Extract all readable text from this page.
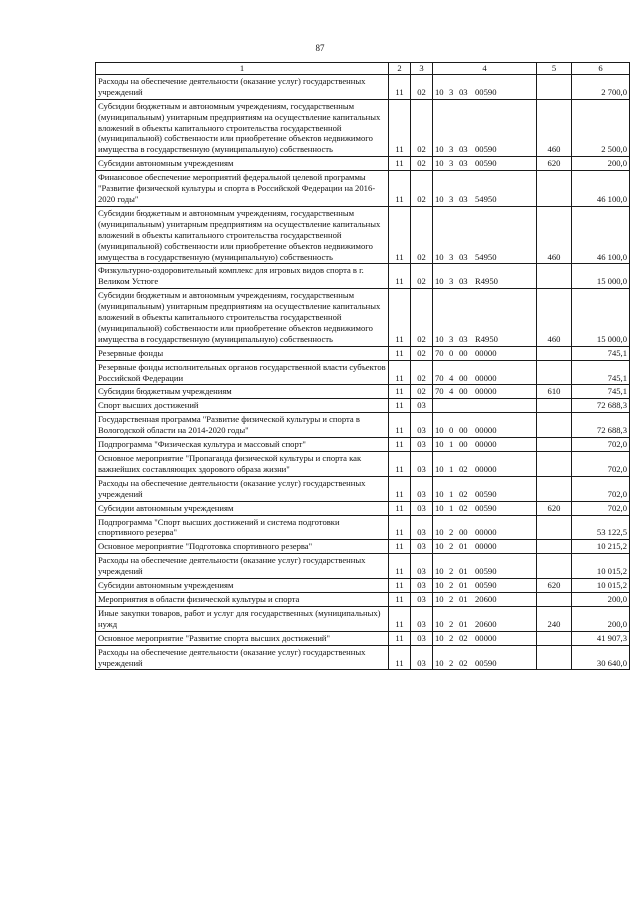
87
1	2	3	4	5	6
Расходы на обеспечение деятельности (оказание услуг) государственных учреждений	11	02	10 3 03 00590		2 700,0
Субсидии бюджетным и автономным учреждениям, государственным (муниципальным) унитарным предприятиям на осуществление капитальных вложений в объекты капитального строительства государственной (муниципальной) собственности или приобретение объектов недвижимого имущества в государственную (муниципальную) собственность	11	02	10 3 03 00590	460	2 500,0
Субсидии автономным учреждениям	11	02	10 3 03 00590	620	200,0
Финансовое обеспечение мероприятий федеральной целевой программы "Развитие физической культуры и спорта в Российской Федерации на 2016-2020 годы"	11	02	10 3 03 54950		46 100,0
Субсидии бюджетным и автономным учреждениям, государственным (муниципальным) унитарным предприятиям на осуществление капитальных вложений в объекты капитального строительства государственной (муниципальной) собственности или приобретение объектов недвижимого имущества в государственную (муниципальную) собственность	11	02	10 3 03 54950	460	46 100,0
Физкультурно-оздоровительный комплекс для игровых видов спорта в г. Великом Устюге	11	02	10 3 03 R4950		15 000,0
Субсидии бюджетным и автономным учреждениям, государственным (муниципальным) унитарным предприятиям на осуществление капитальных вложений в объекты капитального строительства государственной (муниципальной) собственности или приобретение объектов недвижимого имущества в государственную (муниципальную) собственность	11	02	10 3 03 R4950	460	15 000,0
Резервные фонды	11	02	70 0 00 00000		745,1
Резервные фонды исполнительных органов государственной власти субъектов Российской Федерации	11	02	70 4 00 00000		745,1
Субсидии бюджетным учреждениям	11	02	70 4 00 00000	610	745,1
Спорт высших достижений	11	03			72 688,3
Государственная программа "Развитие физической культуры и спорта в Вологодской области на 2014-2020 годы"	11	03	10 0 00 00000		72 688,3
Подпрограмма "Физическая культура и массовый спорт"	11	03	10 1 00 00000		702,0
Основное мероприятие "Пропаганда физической культуры и спорта как важнейших составляющих здорового образа жизни"	11	03	10 1 02 00000		702,0
Расходы на обеспечение деятельности (оказание услуг) государственных учреждений	11	03	10 1 02 00590		702,0
Субсидии автономным учреждениям	11	03	10 1 02 00590	620	702,0
Подпрограмма "Спорт высших достижений и система подготовки спортивного резерва"	11	03	10 2 00 00000		53 122,5
Основное мероприятие "Подготовка спортивного резерва"	11	03	10 2 01 00000		10 215,2
Расходы на обеспечение деятельности (оказание услуг) государственных учреждений	11	03	10 2 01 00590		10 015,2
Субсидии автономным учреждениям	11	03	10 2 01 00590	620	10 015,2
Мероприятия в области физической культуры и спорта	11	03	10 2 01 20600		200,0
Иные закупки товаров, работ и услуг для государственных (муниципальных) нужд	11	03	10 2 01 20600	240	200,0
Основное мероприятие "Развитие спорта высших достижений"	11	03	10 2 02 00000		41 907,3
Расходы на обеспечение деятельности (оказание услуг) государственных учреждений	11	03	10 2 02 00590		30 640,0
